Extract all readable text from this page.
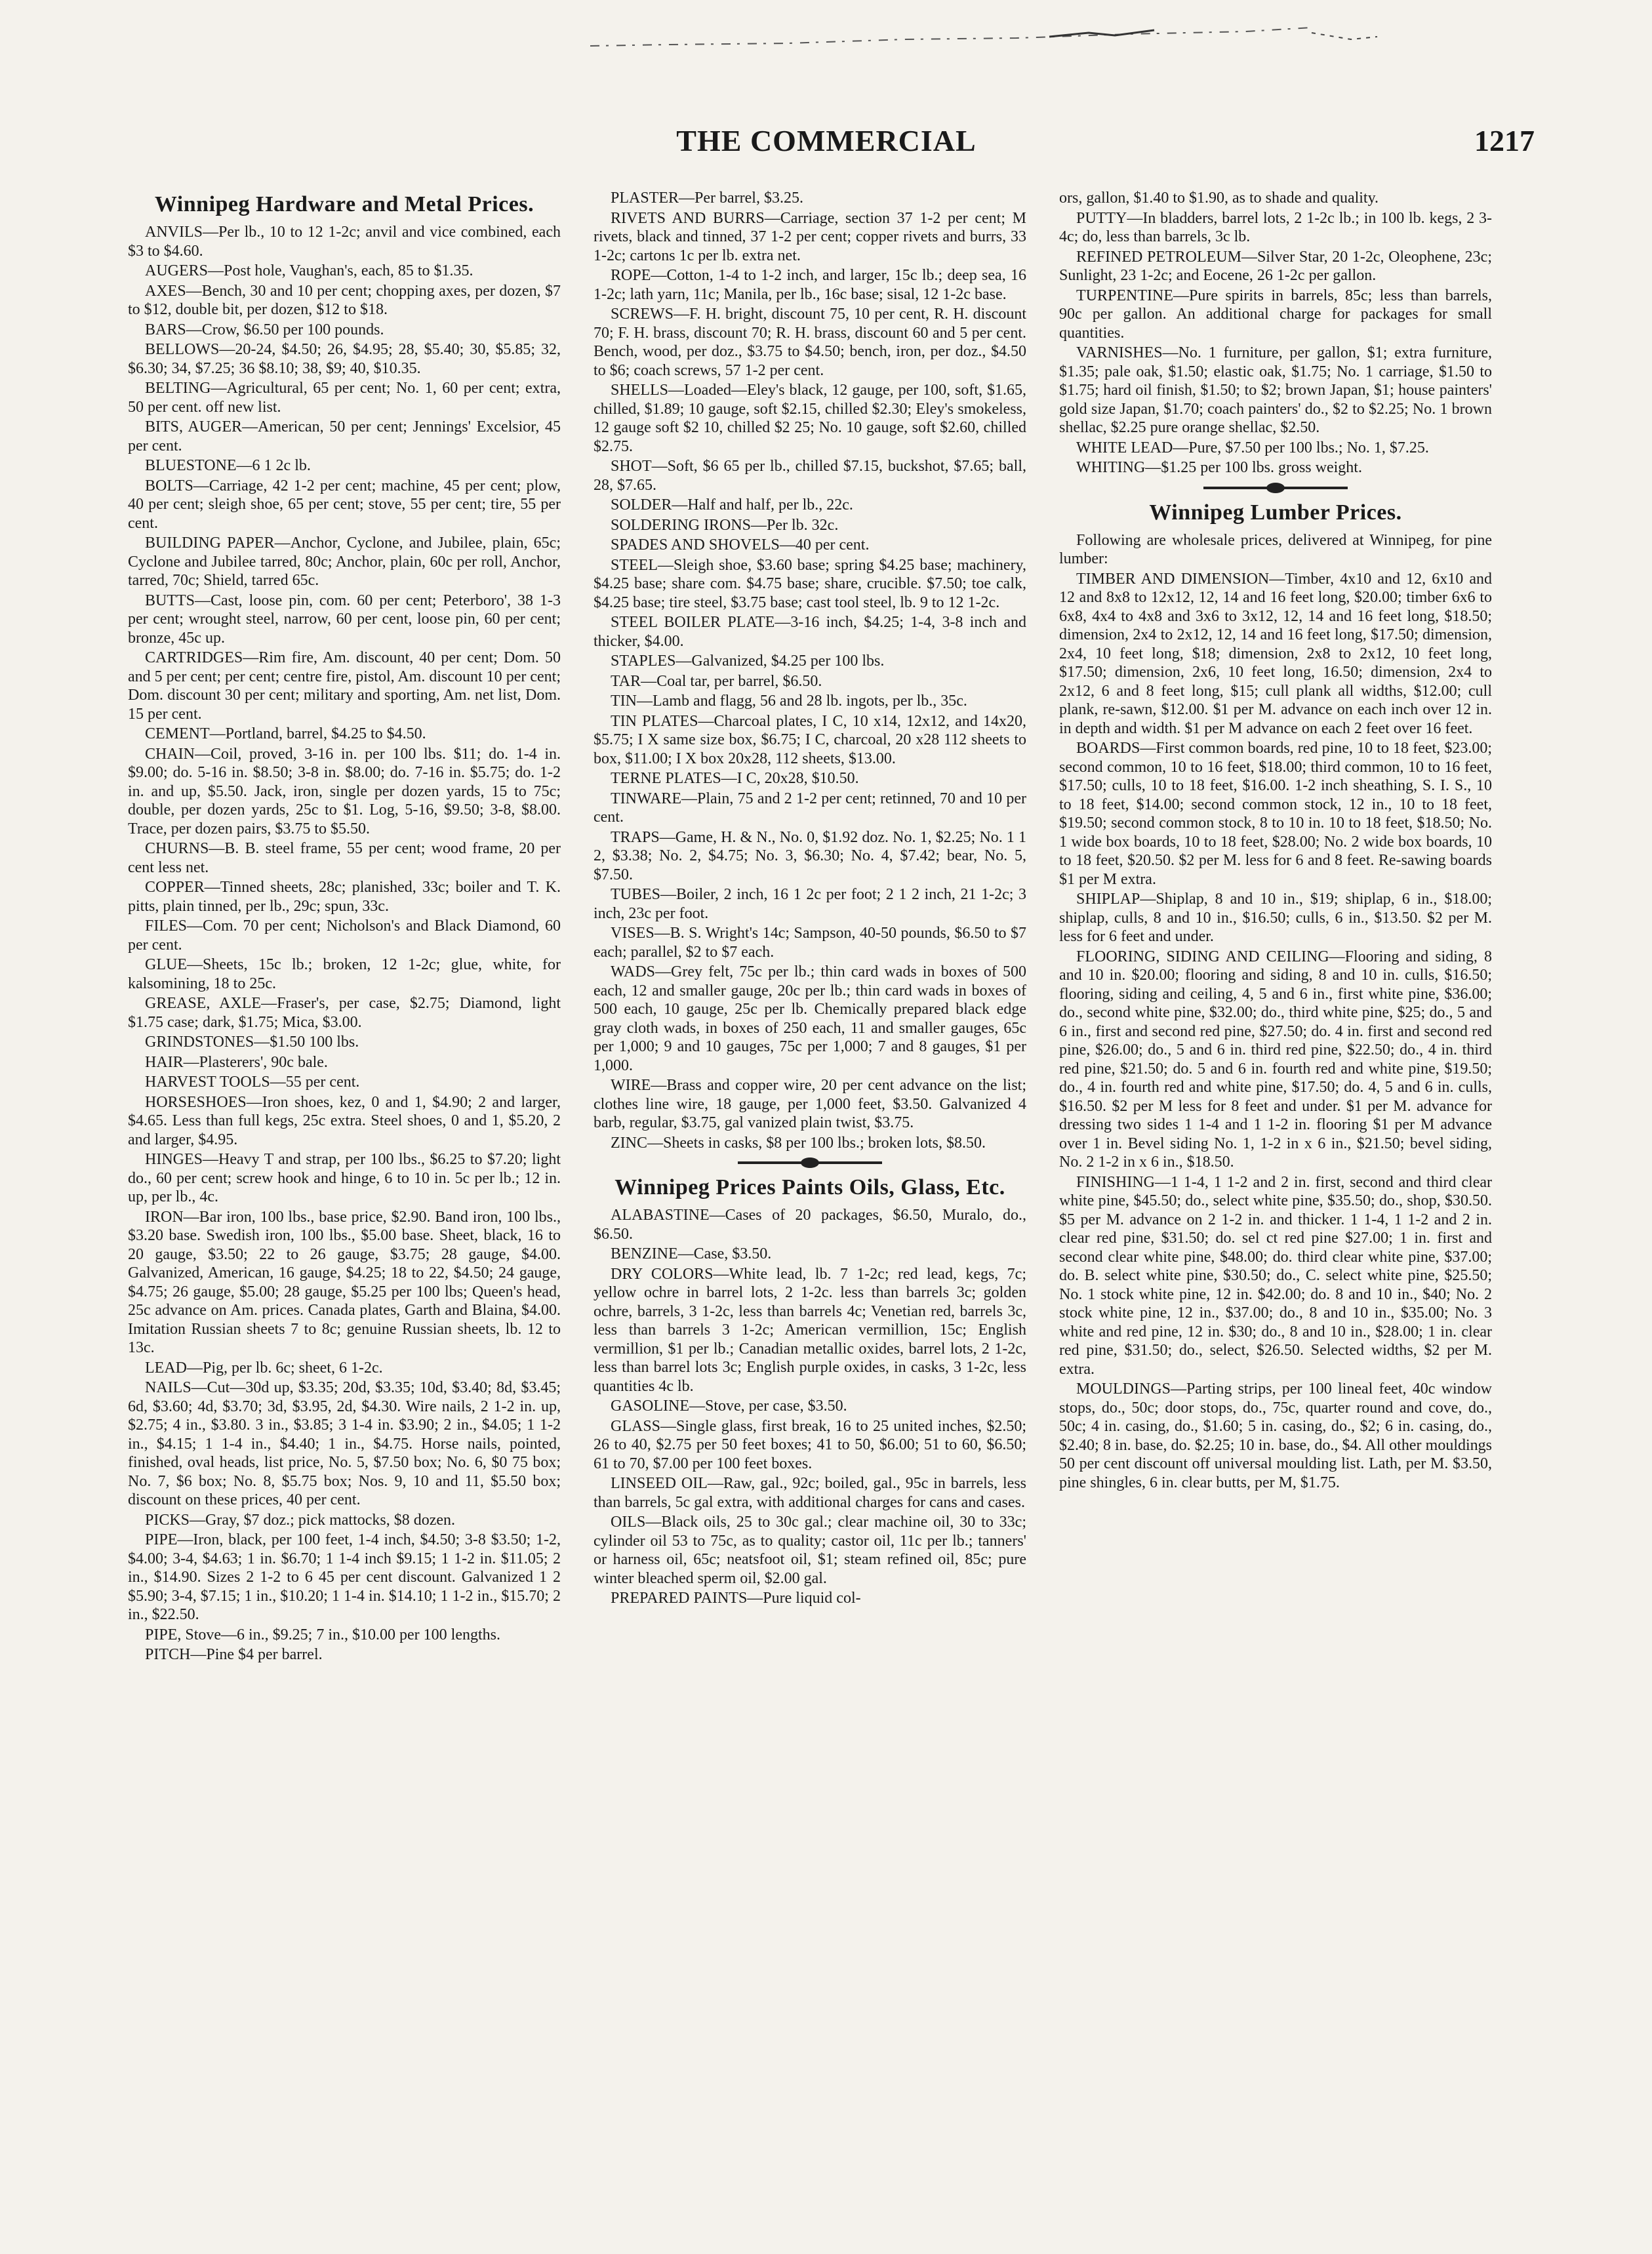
THE COMMERCIAL	1217
Winnipeg Hardware and Metal Prices.
ANVILS—Per lb., 10 to 12 1-2c; anvil and vice combined, each $3 to $4.60.
AUGERS—Post hole, Vaughan's, each, 85 to $1.35.
AXES—Bench, 30 and 10 per cent; chopping axes, per dozen, $7 to $12, double bit, per dozen, $12 to $18.
BARS—Crow, $6.50 per 100 pounds.
BELLOWS—20-24, $4.50; 26, $4.95; 28, $5.40; 30, $5.85; 32, $6.30; 34, $7.25; 36 $8.10; 38, $9; 40, $10.35.
BELTING—Agricultural, 65 per cent; No. 1, 60 per cent; extra, 50 per cent. off new list.
BITS, AUGER—American, 50 per cent; Jennings' Excelsior, 45 per cent.
BLUESTONE—6 1 2c lb.
BOLTS—Carriage, 42 1-2 per cent; machine, 45 per cent; plow, 40 per cent; sleigh shoe, 65 per cent; stove, 55 per cent; tire, 55 per cent.
BUILDING PAPER—Anchor, Cyclone, and Jubilee, plain, 65c; Cyclone and Jubilee tarred, 80c; Anchor, plain, 60c per roll, Anchor, tarred, 70c; Shield, tarred 65c.
BUTTS—Cast, loose pin, com. 60 per cent; Peterboro', 38 1-3 per cent; wrought steel, narrow, 60 per cent, loose pin, 60 per cent; bronze, 45c up.
CARTRIDGES—Rim fire, Am. discount, 40 per cent; Dom. 50 and 5 per cent; per cent; centre fire, pistol, Am. discount 10 per cent; Dom. discount 30 per cent; military and sporting, Am. net list, Dom. 15 per cent.
CEMENT—Portland, barrel, $4.25 to $4.50.
CHAIN—Coil, proved, 3-16 in. per 100 lbs. $11; do. 1-4 in. $9.00; do. 5-16 in. $8.50; 3-8 in. $8.00; do. 7-16 in. $5.75; do. 1-2 in. and up, $5.50. Jack, iron, single per dozen yards, 15 to 75c; double, per dozen yards, 25c to $1. Log, 5-16, $9.50; 3-8, $8.00. Trace, per dozen pairs, $3.75 to $5.50.
CHURNS—B. B. steel frame, 55 per cent; wood frame, 20 per cent less net.
COPPER—Tinned sheets, 28c; planished, 33c; boiler and T. K. pitts, plain tinned, per lb., 29c; spun, 33c.
FILES—Com. 70 per cent; Nicholson's and Black Diamond, 60 per cent.
GLUE—Sheets, 15c lb.; broken, 12 1-2c; glue, white, for kalsomining, 18 to 25c.
GREASE, AXLE—Fraser's, per case, $2.75; Diamond, light $1.75 case; dark, $1.75; Mica, $3.00.
GRINDSTONES—$1.50 100 lbs.
HAIR—Plasterers', 90c bale.
HARVEST TOOLS—55 per cent.
HORSESHOES—Iron shoes, kez, 0 and 1, $4.90; 2 and larger, $4.65. Less than full kegs, 25c extra. Steel shoes, 0 and 1, $5.20, 2 and larger, $4.95.
HINGES—Heavy T and strap, per 100 lbs., $6.25 to $7.20; light do., 60 per cent; screw hook and hinge, 6 to 10 in. 5c per lb.; 12 in. up, per lb., 4c.
IRON—Bar iron, 100 lbs., base price, $2.90. Band iron, 100 lbs., $3.20 base. Swedish iron, 100 lbs., $5.00 base. Sheet, black, 16 to 20 gauge, $3.50; 22 to 26 gauge, $3.75; 28 gauge, $4.00. Galvanized, American, 16 gauge, $4.25; 18 to 22, $4.50; 24 gauge, $4.75; 26 gauge, $5.00; 28 gauge, $5.25 per 100 lbs; Queen's head, 25c advance on Am. prices. Canada plates, Garth and Blaina, $4.00. Imitation Russian sheets 7 to 8c; genuine Russian sheets, lb. 12 to 13c.
LEAD—Pig, per lb. 6c; sheet, 6 1-2c.
NAILS—Cut—30d up, $3.35; 20d, $3.35; 10d, $3.40; 8d, $3.45; 6d, $3.60; 4d, $3.70; 3d, $3.95, 2d, $4.30. Wire nails, 2 1-2 in. up, $2.75; 4 in., $3.80. 3 in., $3.85; 3 1-4 in. $3.90; 2 in., $4.05; 1 1-2 in., $4.15; 1 1-4 in., $4.40; 1 in., $4.75. Horse nails, pointed, finished, oval heads, list price, No. 5, $7.50 box; No. 6, $0 75 box; No. 7, $6 box; No. 8, $5.75 box; Nos. 9, 10 and 11, $5.50 box; discount on these prices, 40 per cent.
PICKS—Gray, $7 doz.; pick mattocks, $8 dozen.
PIPE—Iron, black, per 100 feet, 1-4 inch, $4.50; 3-8 $3.50; 1-2, $4.00; 3-4, $4.63; 1 in. $6.70; 1 1-4 inch $9.15; 1 1-2 in. $11.05; 2 in., $14.90. Sizes 2 1-2 to 6 45 per cent discount. Galvanized 1 2 $5.90; 3-4, $7.15; 1 in., $10.20; 1 1-4 in. $14.10; 1 1-2 in., $15.70; 2 in., $22.50.
PIPE, Stove—6 in., $9.25; 7 in., $10.00 per 100 lengths.
PITCH—Pine $4 per barrel.
PLASTER—Per barrel, $3.25.
RIVETS AND BURRS—Carriage, section 37 1-2 per cent; M rivets, black and tinned, 37 1-2 per cent; copper rivets and burrs, 33 1-2c; cartons 1c per lb. extra net.
ROPE—Cotton, 1-4 to 1-2 inch, and larger, 15c lb.; deep sea, 16 1-2c; lath yarn, 11c; Manila, per lb., 16c base; sisal, 12 1-2c base.
SCREWS—F. H. bright, discount 75, 10 per cent, R. H. discount 70; F. H. brass, discount 70; R. H. brass, discount 60 and 5 per cent. Bench, wood, per doz., $3.75 to $4.50; bench, iron, per doz., $4.50 to $6; coach screws, 57 1-2 per cent.
SHELLS—Loaded—Eley's black, 12 gauge, per 100, soft, $1.65, chilled, $1.89; 10 gauge, soft $2.15, chilled $2.30; Eley's smokeless, 12 gauge soft $2 10, chilled $2 25; No. 10 gauge, soft $2.60, chilled $2.75.
SHOT—Soft, $6 65 per lb., chilled $7.15, buckshot, $7.65; ball, 28, $7.65.
SOLDER—Half and half, per lb., 22c.
SOLDERING IRONS—Per lb. 32c.
SPADES AND SHOVELS—40 per cent.
STEEL—Sleigh shoe, $3.60 base; spring $4.25 base; machinery, $4.25 base; share com. $4.75 base; share, crucible. $7.50; toe calk, $4.25 base; tire steel, $3.75 base; cast tool steel, lb. 9 to 12 1-2c.
STEEL BOILER PLATE—3-16 inch, $4.25; 1-4, 3-8 inch and thicker, $4.00.
STAPLES—Galvanized, $4.25 per 100 lbs.
TAR—Coal tar, per barrel, $6.50.
TIN—Lamb and flagg, 56 and 28 lb. ingots, per lb., 35c.
TIN PLATES—Charcoal plates, I C, 10 x14, 12x12, and 14x20, $5.75; I X same size box, $6.75; I C, charcoal, 20 x28 112 sheets to box, $11.00; I X box 20x28, 112 sheets, $13.00.
TERNE PLATES—I C, 20x28, $10.50.
TINWARE—Plain, 75 and 2 1-2 per cent; retinned, 70 and 10 per cent.
TRAPS—Game, H. & N., No. 0, $1.92 doz. No. 1, $2.25; No. 1 1 2, $3.38; No. 2, $4.75; No. 3, $6.30; No. 4, $7.42; bear, No. 5, $7.50.
TUBES—Boiler, 2 inch, 16 1 2c per foot; 2 1 2 inch, 21 1-2c; 3 inch, 23c per foot.
VISES—B. S. Wright's 14c; Sampson, 40-50 pounds, $6.50 to $7 each; parallel, $2 to $7 each.
WADS—Grey felt, 75c per lb.; thin card wads in boxes of 500 each, 12 and smaller gauge, 20c per lb.; thin card wads in boxes of 500 each, 10 gauge, 25c per lb. Chemically prepared black edge gray cloth wads, in boxes of 250 each, 11 and smaller gauges, 65c per 1,000; 9 and 10 gauges, 75c per 1,000; 7 and 8 gauges, $1 per 1,000.
WIRE—Brass and copper wire, 20 per cent advance on the list; clothes line wire, 18 gauge, per 1,000 feet, $3.50. Galvanized 4 barb, regular, $3.75, gal vanized plain twist, $3.75.
ZINC—Sheets in casks, $8 per 100 lbs.; broken lots, $8.50.
Winnipeg Prices Paints Oils, Glass, Etc.
ALABASTINE—Cases of 20 packages, $6.50, Muralo, do., $6.50.
BENZINE—Case, $3.50.
DRY COLORS—White lead, lb. 7 1-2c; red lead, kegs, 7c; yellow ochre in barrel lots, 2 1-2c. less than barrels 3c; golden ochre, barrels, 3 1-2c, less than barrels 4c; Venetian red, barrels 3c, less than barrels 3 1-2c; American vermillion, 15c; English vermillion, $1 per lb.; Canadian metallic oxides, barrel lots, 2 1-2c, less than barrel lots 3c; English purple oxides, in casks, 3 1-2c, less quantities 4c lb.
GASOLINE—Stove, per case, $3.50.
GLASS—Single glass, first break, 16 to 25 united inches, $2.50; 26 to 40, $2.75 per 50 feet boxes; 41 to 50, $6.00; 51 to 60, $6.50; 61 to 70, $7.00 per 100 feet boxes.
LINSEED OIL—Raw, gal., 92c; boiled, gal., 95c in barrels, less than barrels, 5c gal extra, with additional charges for cans and cases.
OILS—Black oils, 25 to 30c gal.; clear machine oil, 30 to 33c; cylinder oil 53 to 75c, as to quality; castor oil, 11c per lb.; tanners' or harness oil, 65c; neatsfoot oil, $1; steam refined oil, 85c; pure winter bleached sperm oil, $2.00 gal.
PREPARED PAINTS—Pure liquid col-
ors, gallon, $1.40 to $1.90, as to shade and quality.
PUTTY—In bladders, barrel lots, 2 1-2c lb.; in 100 lb. kegs, 2 3-4c; do, less than barrels, 3c lb.
REFINED PETROLEUM—Silver Star, 20 1-2c, Oleophene, 23c; Sunlight, 23 1-2c; and Eocene, 26 1-2c per gallon.
TURPENTINE—Pure spirits in barrels, 85c; less than barrels, 90c per gallon. An additional charge for packages for small quantities.
VARNISHES—No. 1 furniture, per gallon, $1; extra furniture, $1.35; pale oak, $1.50; elastic oak, $1.75; No. 1 carriage, $1.50 to $1.75; hard oil finish, $1.50; to $2; brown Japan, $1; house painters' gold size Japan, $1.70; coach painters' do., $2 to $2.25; No. 1 brown shellac, $2.25 pure orange shellac, $2.50.
WHITE LEAD—Pure, $7.50 per 100 lbs.; No. 1, $7.25.
WHITING—$1.25 per 100 lbs. gross weight.
Winnipeg Lumber Prices.
Following are wholesale prices, delivered at Winnipeg, for pine lumber:
TIMBER AND DIMENSION—Timber, 4x10 and 12, 6x10 and 12 and 8x8 to 12x12, 12, 14 and 16 feet long, $20.00; timber 6x6 to 6x8, 4x4 to 4x8 and 3x6 to 3x12, 12, 14 and 16 feet long, $18.50; dimension, 2x4 to 2x12, 12, 14 and 16 feet long, $17.50; dimension, 2x4, 10 feet long, $18; dimension, 2x8 to 2x12, 10 feet long, $17.50; dimension, 2x6, 10 feet long, 16.50; dimension, 2x4 to 2x12, 6 and 8 feet long, $15; cull plank all widths, $12.00; cull plank, re-sawn, $12.00. $1 per M. advance on each inch over 12 in. in depth and width. $1 per M advance on each 2 feet over 16 feet.
BOARDS—First common boards, red pine, 10 to 18 feet, $23.00; second common, 10 to 16 feet, $18.00; third common, 10 to 16 feet, $17.50; culls, 10 to 18 feet, $16.00. 1-2 inch sheathing, S. I. S., 10 to 18 feet, $14.00; second common stock, 12 in., 10 to 18 feet, $19.50; second common stock, 8 to 10 in. 10 to 18 feet, $18.50; No. 1 wide box boards, 10 to 18 feet, $28.00; No. 2 wide box boards, 10 to 18 feet, $20.50. $2 per M. less for 6 and 8 feet. Re-sawing boards $1 per M extra.
SHIPLAP—Shiplap, 8 and 10 in., $19; shiplap, 6 in., $18.00; shiplap, culls, 8 and 10 in., $16.50; culls, 6 in., $13.50. $2 per M. less for 6 feet and under.
FLOORING, SIDING AND CEILING—Flooring and siding, 8 and 10 in. $20.00; flooring and siding, 8 and 10 in. culls, $16.50; flooring, siding and ceiling, 4, 5 and 6 in., first white pine, $36.00; do., second white pine, $32.00; do., third white pine, $25; do., 5 and 6 in., first and second red pine, $27.50; do. 4 in. first and second red pine, $26.00; do., 5 and 6 in. third red pine, $22.50; do., 4 in. third red pine, $21.50; do. 5 and 6 in. fourth red and white pine, $19.50; do., 4 in. fourth red and white pine, $17.50; do. 4, 5 and 6 in. culls, $16.50. $2 per M less for 8 feet and under. $1 per M. advance for dressing two sides 1 1-4 and 1 1-2 in. flooring $1 per M advance over 1 in. Bevel siding No. 1, 1-2 in x 6 in., $21.50; bevel siding, No. 2 1-2 in x 6 in., $18.50.
FINISHING—1 1-4, 1 1-2 and 2 in. first, second and third clear white pine, $45.50; do., select white pine, $35.50; do., shop, $30.50. $5 per M. advance on 2 1-2 in. and thicker. 1 1-4, 1 1-2 and 2 in. clear red pine, $31.50; do. sel ct red pine $27.00; 1 in. first and second clear white pine, $48.00; do. third clear white pine, $37.00; do. B. select white pine, $30.50; do., C. select white pine, $25.50; No. 1 stock white pine, 12 in. $42.00; do. 8 and 10 in., $40; No. 2 stock white pine, 12 in., $37.00; do., 8 and 10 in., $35.00; No. 3 white and red pine, 12 in. $30; do., 8 and 10 in., $28.00; 1 in. clear red pine, $31.50; do., select, $26.50. Selected widths, $2 per M. extra.
MOULDINGS—Parting strips, per 100 lineal feet, 40c window stops, do., 50c; door stops, do., 75c, quarter round and cove, do., 50c; 4 in. casing, do., $1.60; 5 in. casing, do., $2; 6 in. casing, do., $2.40; 8 in. base, do. $2.25; 10 in. base, do., $4. All other mouldings 50 per cent discount off universal moulding list. Lath, per M. $3.50, pine shingles, 6 in. clear butts, per M, $1.75.
